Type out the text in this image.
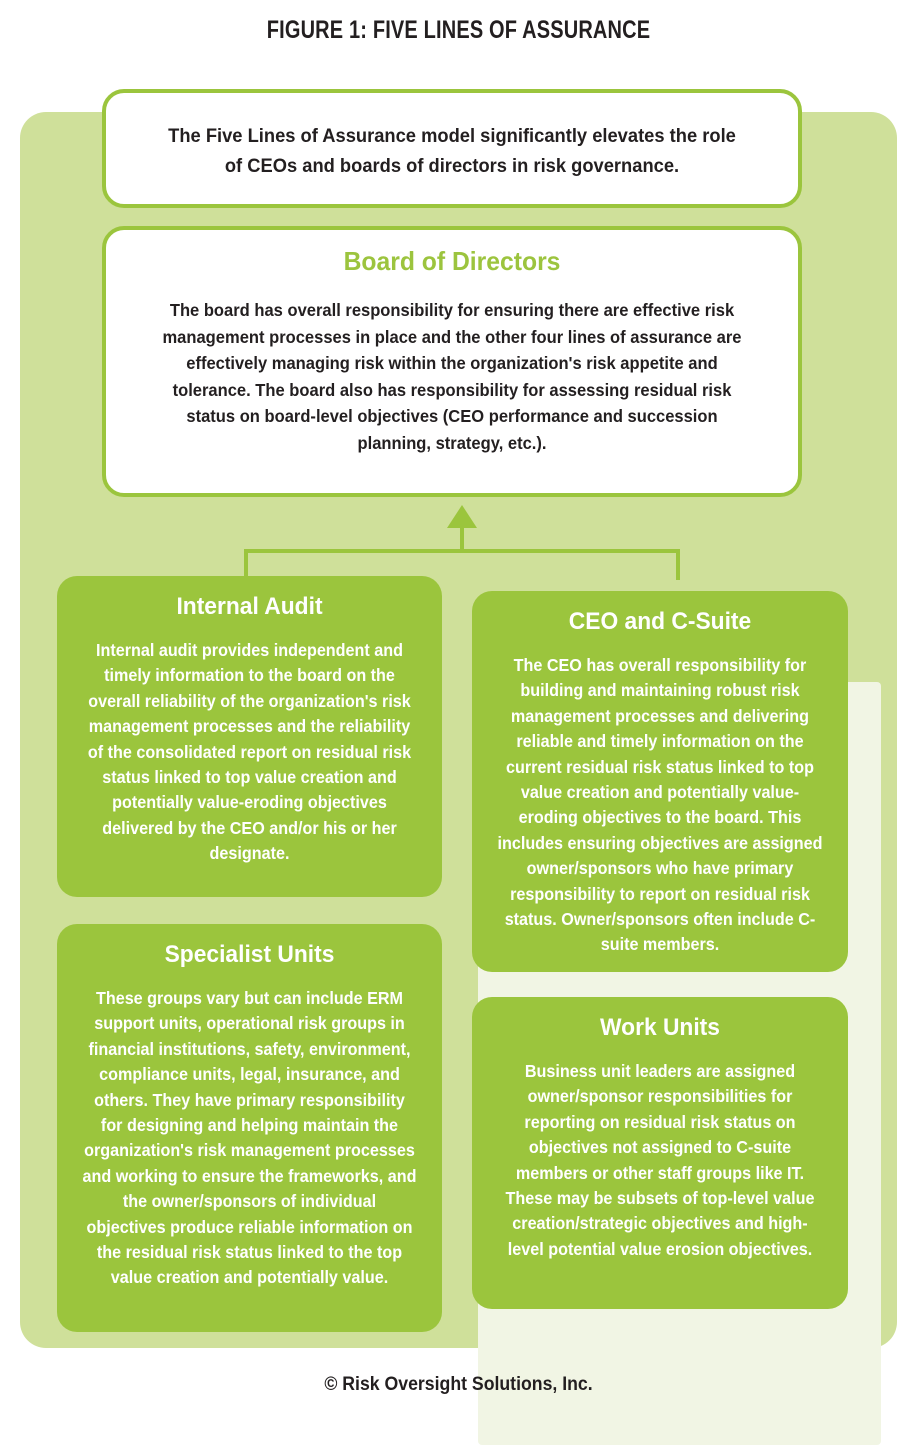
FIGURE 1: FIVE LINES OF ASSURANCE
The Five Lines of Assurance model significantly elevates the role of CEOs and boards of directors in risk governance.
Board of Directors
The board has overall responsibility for ensuring there are effective risk management processes in place and the other four lines of assurance are effectively managing risk within the organization's risk appetite and tolerance. The board also has responsibility for assessing residual risk status on board-level objectives (CEO performance and succession planning, strategy, etc.).
Internal Audit
Internal audit provides independent and timely information to the board on the overall reliability of the organization's risk management processes and the reliability of the consolidated report on residual risk status linked to top value creation and potentially value-eroding objectives delivered by the CEO and/or his or her designate.
CEO and C-Suite
The CEO has overall responsibility for building and maintaining robust risk management processes and delivering reliable and timely information on the current residual risk status linked to top value creation and potentially value-eroding objectives to the board. This includes ensuring objectives are assigned owner/sponsors who have primary responsibility to report on residual risk status. Owner/sponsors often include C-suite members.
Specialist Units
These groups vary but can include ERM support units, operational risk groups in financial institutions, safety, environment, compliance units, legal, insurance, and others. They have primary responsibility for designing and helping maintain the organization's risk management processes and working to ensure the frameworks, and the owner/sponsors of individual objectives produce reliable information on the residual risk status linked to the top value creation and potentially value.
Work Units
Business unit leaders are assigned owner/sponsor responsibilities for reporting on residual risk status on objectives not assigned to C-suite members or other staff groups like IT. These may be subsets of top-level value creation/strategic objectives and high-level potential value erosion objectives.
© Risk Oversight Solutions, Inc.
